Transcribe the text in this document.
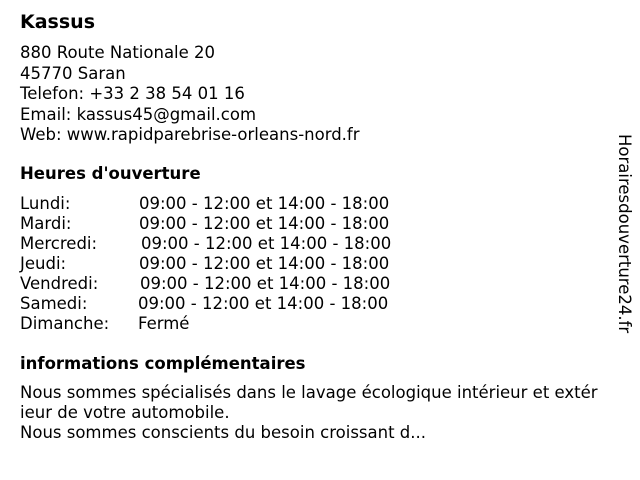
Kassus
880 Route Nationale 20
45770 Saran
Telefon: +33 2 38 54 01 16
Email: kassus45@gmail.com
Web: www.rapidparebrise-orleans-nord.fr
Heures d'ouverture
Lundi:	09:00 - 12:00 et 14:00 - 18:00
Mardi:	09:00 - 12:00 et 14:00 - 18:00
Mercredi:	09:00 - 12:00 et 14:00 - 18:00
Jeudi:	09:00 - 12:00 et 14:00 - 18:00
Vendredi:	09:00 - 12:00 et 14:00 - 18:00
Samedi:	09:00 - 12:00 et 14:00 - 18:00
Dimanche: Fermé
informations complémentaires
Nous sommes spécialisés dans le lavage écologique intérieur et extér
ieur de votre automobile.
Nous sommes conscients du besoin croissant d...
Horairesdouverture24.fr
